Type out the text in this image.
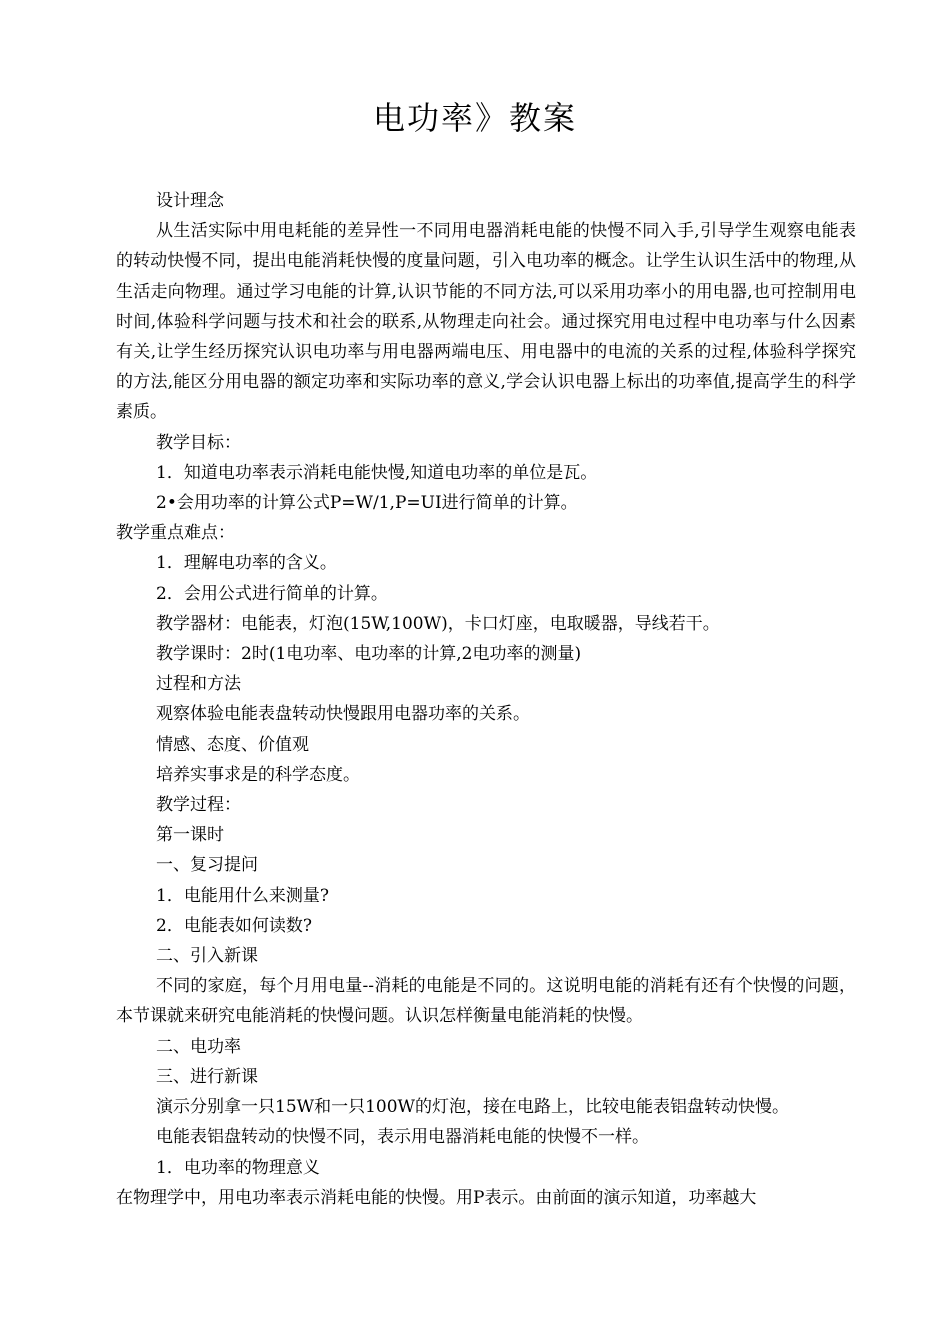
电功率》教案

设计理念

从生活实际中用电耗能的差异性一不同用电器消耗电能的快慢不同入手,引导学生观察电能表的转动快慢不同，提出电能消耗快慢的度量问题，引入电功率的概念。让学生认识生活中的物理,从生活走向物理。通过学习电能的计算,认识节能的不同方法,可以采用功率小的用电器,也可控制用电时间,体验科学问题与技术和社会的联系,从物理走向社会。通过探究用电过程中电功率与什么因素有关,让学生经历探究认识电功率与用电器两端电压、用电器中的电流的关系的过程,体验科学探究的方法,能区分用电器的额定功率和实际功率的意义,学会认识电器上标出的功率值,提高学生的科学素质。

教学目标：

1．知道电功率表示消耗电能快慢,知道电功率的单位是瓦。

2•会用功率的计算公式P=W/1,P=UI进行简单的计算。

教学重点难点：

1．理解电功率的含义。

2．会用公式进行简单的计算。

教学器材：电能表，灯泡(15W,100W)，卡口灯座，电取暖器，导线若干。

教学课时：2时(1电功率、电功率的计算,2电功率的测量)

过程和方法

观察体验电能表盘转动快慢跟用电器功率的关系。

情感、态度、价值观

培养实事求是的科学态度。

教学过程：

第一课时

一、复习提问

1．电能用什么来测量?

2．电能表如何读数?

二、引入新课

不同的家庭，每个月用电量--消耗的电能是不同的。这说明电能的消耗有还有个快慢的问题，本节课就来研究电能消耗的快慢问题。认识怎样衡量电能消耗的快慢。

二、电功率

三、进行新课

演示分别拿一只15W和一只100W的灯泡，接在电路上，比较电能表铝盘转动快慢。

电能表铝盘转动的快慢不同，表示用电器消耗电能的快慢不一样。

1．电功率的物理意义

在物理学中，用电功率表示消耗电能的快慢。用P表示。由前面的演示知道，功率越大
